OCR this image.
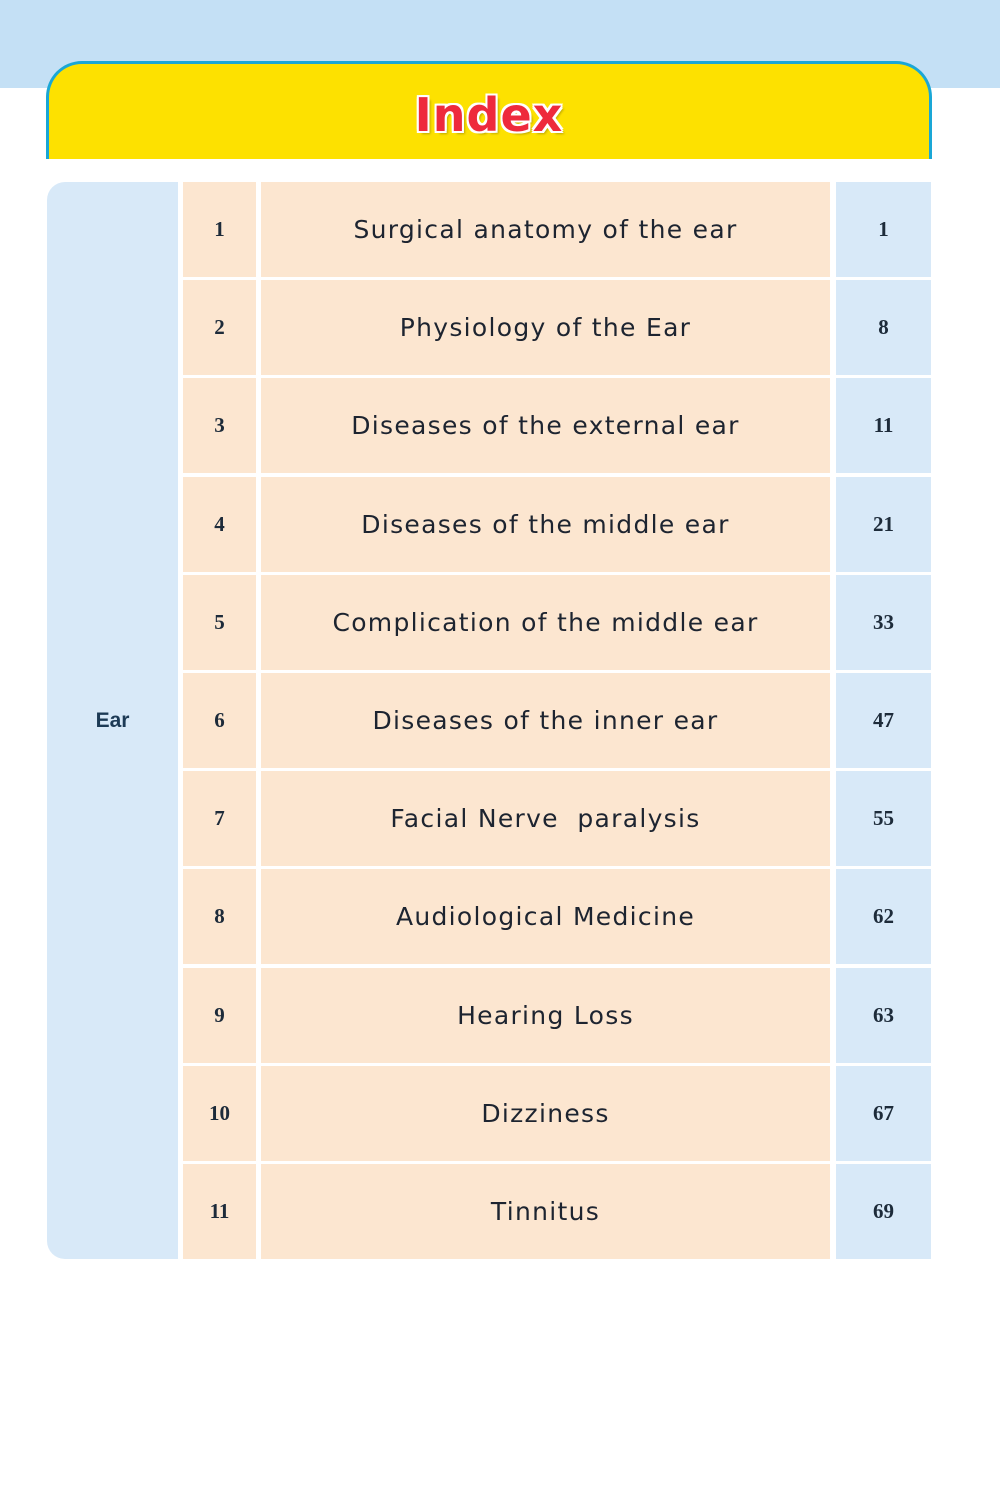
Index
Ear
1	Surgical anatomy of the ear	1
2	Physiology of the Ear	8
3	Diseases of the external ear	11
4	Diseases of the middle ear	21
5	Complication of the middle ear	33
6	Diseases of the inner ear	47
7	Facial Nerve  paralysis	55
8	Audiological Medicine	62
9	Hearing Loss	63
10	Dizziness	67
11	Tinnitus	69
